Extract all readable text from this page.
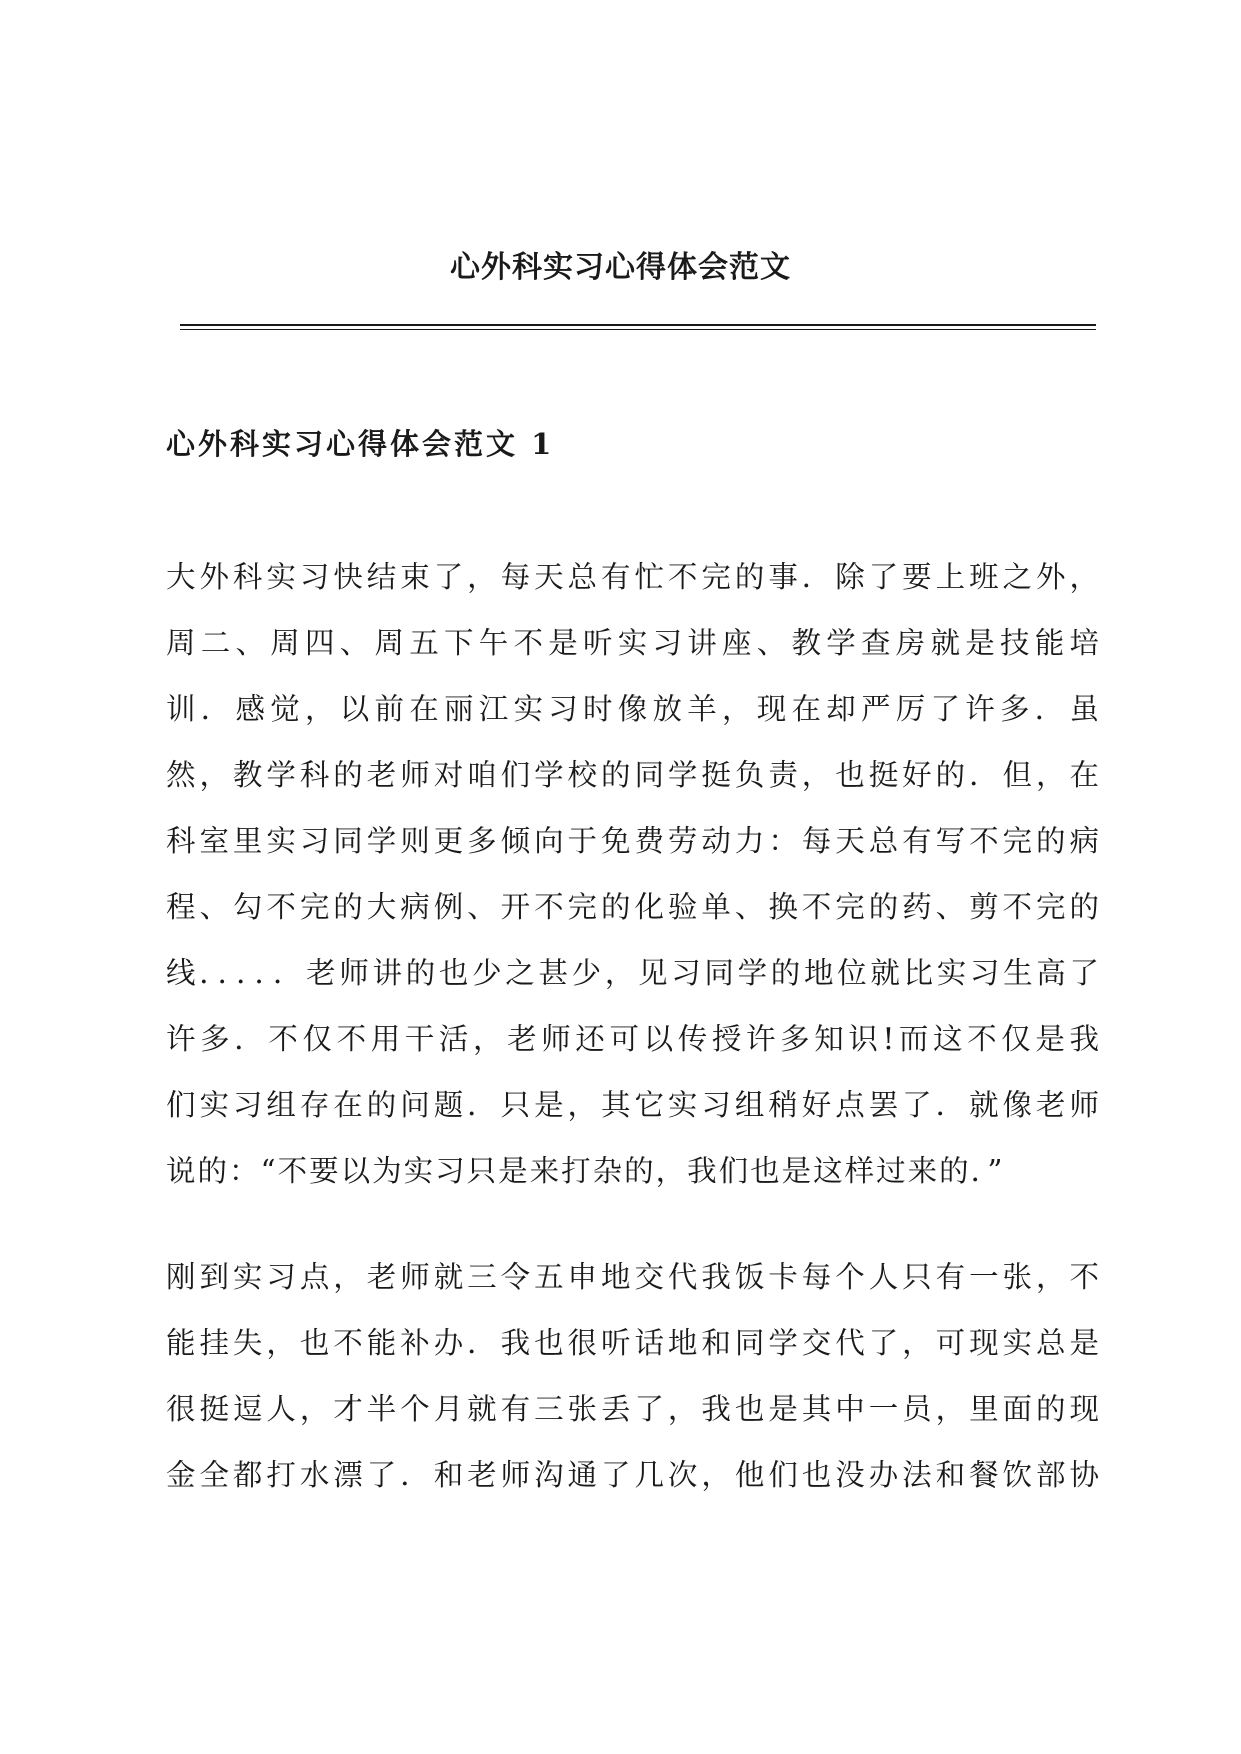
心外科实习心得体会范文
心外科实习心得体会范文 1
大外科实习快结束了，每天总有忙不完的事．除了要上班之外，
周二、周四、周五下午不是听实习讲座、教学查房就是技能培
训．感觉，以前在丽江实习时像放羊，现在却严厉了许多．虽
然，教学科的老师对咱们学校的同学挺负责，也挺好的．但，在
科室里实习同学则更多倾向于免费劳动力：每天总有写不完的病
程、勾不完的大病例、开不完的化验单、换不完的药、剪不完的
线．．．．．老师讲的也少之甚少，见习同学的地位就比实习生高了
许多．不仅不用干活，老师还可以传授许多知识!而这不仅是我
们实习组存在的问题．只是，其它实习组稍好点罢了．就像老师
说的：“不要以为实习只是来打杂的，我们也是这样过来的．”
刚到实习点，老师就三令五申地交代我饭卡每个人只有一张，不
能挂失，也不能补办．我也很听话地和同学交代了，可现实总是
很挺逗人，才半个月就有三张丢了，我也是其中一员，里面的现
金全都打水漂了．和老师沟通了几次，他们也没办法和餐饮部协
